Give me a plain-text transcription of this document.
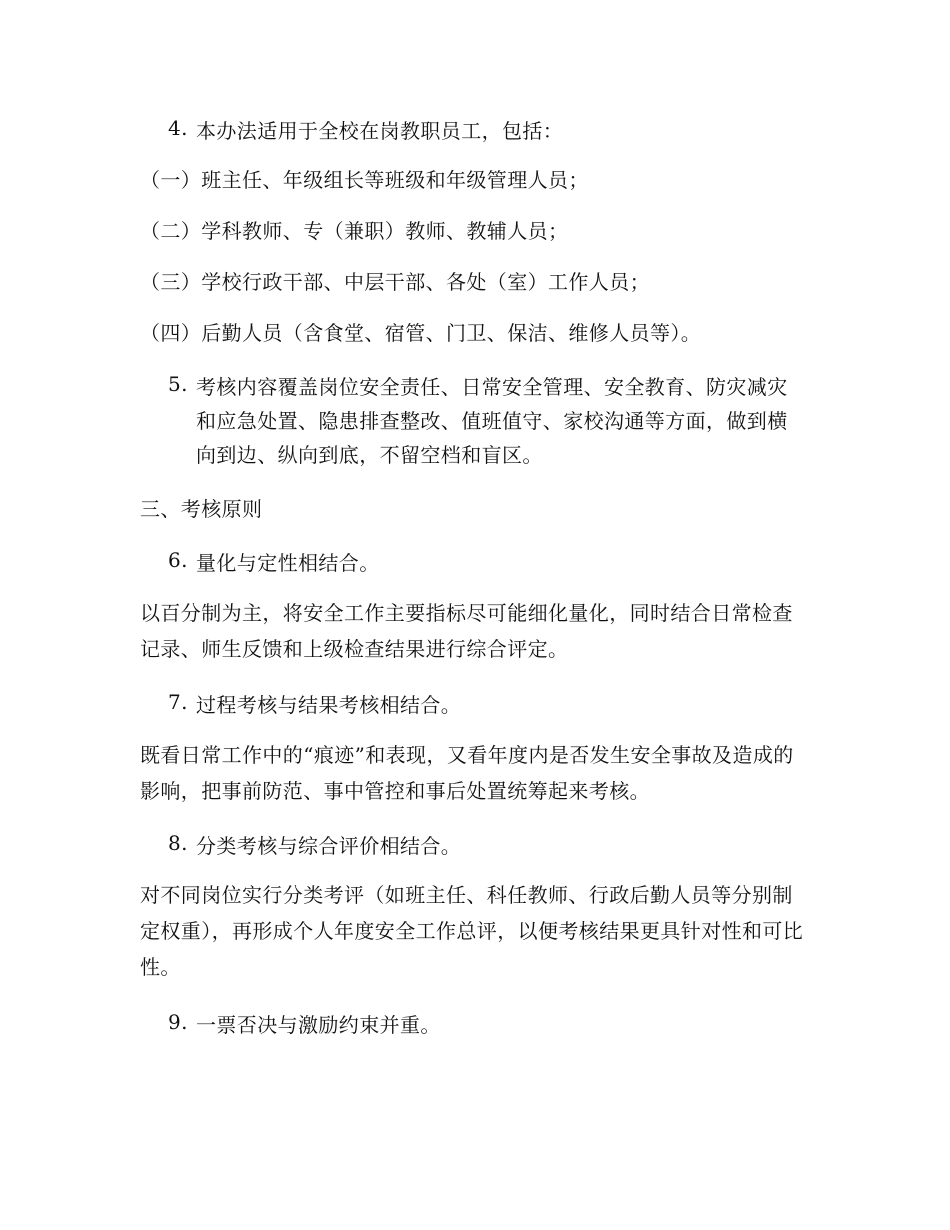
4. 本办法适用于全校在岗教职员工，包括：
（一）班主任、年级组长等班级和年级管理人员；
（二）学科教师、专（兼职）教师、教辅人员；
（三）学校行政干部、中层干部、各处（室）工作人员；
（四）后勤人员（含食堂、宿管、门卫、保洁、维修人员等）。
5. 考核内容覆盖岗位安全责任、日常安全管理、安全教育、防灾减灾和应急处置、隐患排查整改、值班值守、家校沟通等方面，做到横向到边、纵向到底，不留空档和盲区。
三、考核原则
6. 量化与定性相结合。
以百分制为主，将安全工作主要指标尽可能细化量化，同时结合日常检查记录、师生反馈和上级检查结果进行综合评定。
7. 过程考核与结果考核相结合。
既看日常工作中的“痕迹”和表现，又看年度内是否发生安全事故及造成的影响，把事前防范、事中管控和事后处置统筹起来考核。
8. 分类考核与综合评价相结合。
对不同岗位实行分类考评（如班主任、科任教师、行政后勤人员等分别制定权重），再形成个人年度安全工作总评，以便考核结果更具针对性和可比性。
9. 一票否决与激励约束并重。
